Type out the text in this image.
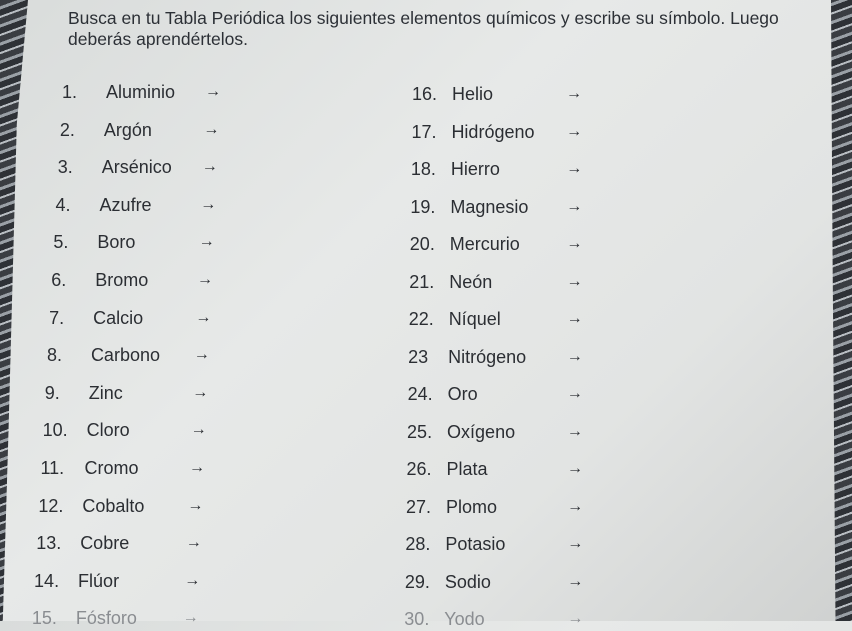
Busca en tu Tabla Periódica los siguientes elementos químicos y escribe su símbolo. Luego deberás aprendértelos.
1. Aluminio →
2. Argón	→
3. Arsénico →
4. Azufre	→
5. Boro	→
6. Bromo	→
7. Calcio	→
8. Carbono →
9. Zinc	→
10. Cloro	→
11. Cromo	→
12. Cobalto	→
13. Cobre	→
14. Flúor	→
15. Fósforo	→
16. Helio	→
17. Hidrógeno →
18. Hierro	→
19. Magnesio →
20. Mercurio	→
21. Neón	→
22. Níquel	→
23 Nitrógeno	→
24. Oro	→
25. Oxígeno	→
26. Plata	→
27. Plomo	→
28. Potasio	→
29. Sodio	→
30. Yodo	→
